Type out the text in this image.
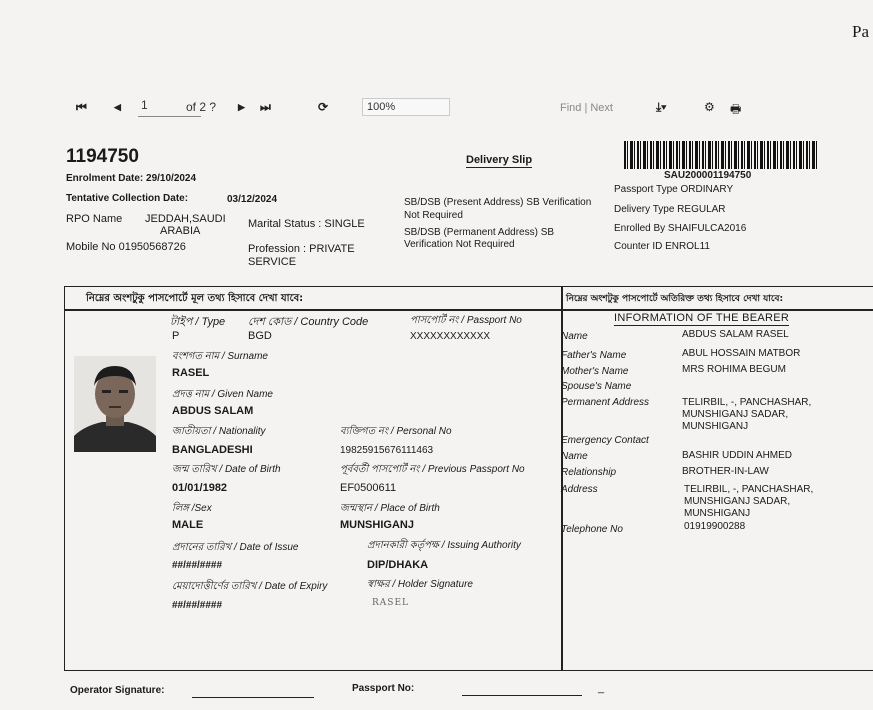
Pa
⏮	◀ 1	of 2 ? ▶ ⏭	⟳	100%	Find | Next	⤓▾	⚙ 🖶
1194750
Enrolment Date: 29/10/2024
Tentative Collection Date:	03/12/2024
RPO Name JEDDAH,SAUDI
ARABIA
Marital Status : SINGLE
Mobile No 01950568726	Profession : PRIVATE
SERVICE
Delivery Slip
SB/DSB (Present Address) SB Verification
Not Required
SB/DSB (Permanent Address) SB
Verification Not Required
SAU200001194750
Passport Type ORDINARY
Delivery Type REGULAR
Enrolled By SHAIFULCA2016
Counter ID ENROL11
নিম্নের অংশটুকু পাসপোর্টে মূল তথ্য হিসাবে দেখা যাবে:
টাইপ / Type
P
দেশ কোড / Country Code
BGD
পাসপোর্ট নং / Passport No
XXXXXXXXXXXX
বংশগত নাম / Surname
RASEL
প্রদত্ত নাম / Given Name
ABDUS SALAM
জাতীয়তা / Nationality
BANGLADESHI
ব্যক্তিগত নং / Personal No
19825915676111463
জন্ম তারিখ / Date of Birth
01/01/1982
পূর্ববর্তী পাসপোর্ট নং / Previous Passport No
EF0500611
লিঙ্গ /Sex
MALE
জন্মস্থান / Place of Birth
MUNSHIGANJ
প্রদানের তারিখ / Date of Issue
##/##/####
প্রদানকারী কর্তৃপক্ষ / Issuing Authority
DIP/DHAKA
মেয়াদোত্তীর্ণের তারিখ / Date of Expiry
##/##/####
স্বাক্ষর / Holder Signature
RASEL
নিম্নের অংশটুকু পাসপোর্টে অতিরিক্ত তথ্য হিসাবে দেখা যাবে:
INFORMATION OF THE BEARER
Name	ABDUS SALAM RASEL
Father's Name	ABUL HOSSAIN MATBOR
Mother's Name	MRS ROHIMA BEGUM
Spouse's Name
Permanent Address	TELIRBIL, -, PANCHASHAR,
MUNSHIGANJ SADAR,
MUNSHIGANJ
Emergency Contact
Name	BASHIR UDDIN AHMED
Relationship	BROTHER-IN-LAW
Address	TELIRBIL, -, PANCHASHAR,
MUNSHIGANJ SADAR,
MUNSHIGANJ
Telephone No	01919900288
Operator Signature:	Passport No:	_
